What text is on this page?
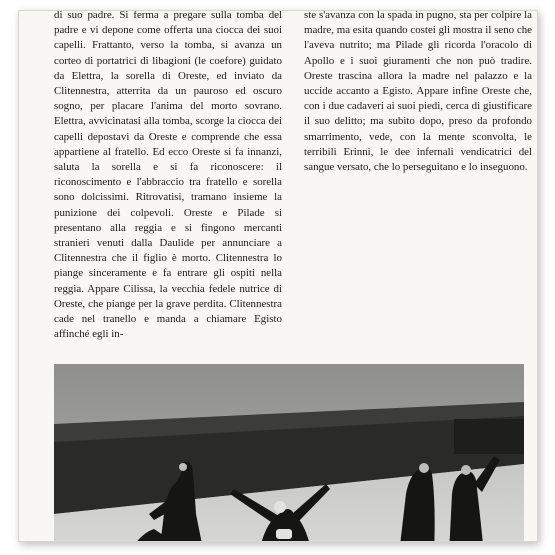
di suo padre. Si ferma a pregare sulla tomba del padre e vi depone come offerta una ciocca dei suoi capelli. Frattanto, verso la tomba, si avanza un corteo di portatrici di libagioni (le coefore) guidato da Elettra, la sorella di Oreste, ed inviato da Clitennestra, atterrita da un pauroso ed oscuro sogno, per placare l'anima del morto sovrano. Elettra, avvicinatasi alla tomba, scorge la ciocca dei capelli depostavi da Oreste e comprende che essa appartiene al fratello. Ed ecco Oreste si fa innanzi, saluta la sorella e si fa riconoscere: il riconoscimento e l'abbraccio tra fratello e sorella sono dolcissimi. Ritrovatisi, tramano insieme la punizione dei colpevoli. Oreste e Pilade si presentano alla reggia e si fingono mercanti stranieri venuti dalla Daulide per annunciare a Clitennestra che il figlio è morto. Clitennestra lo piange sinceramente e fa entrare gli ospiti nella reggia. Appare Cilissa, la vecchia fedele nutrice di Oreste, che piange per la grave perdita. Clitennestra cade nel tranello e manda a chiamare Egisto affinché egli in-

ste s'avanza con la spada in pugno, sta per colpire la madre, ma esita quando costei gli mostra il seno che l'aveva nutrito; ma Pilade gli ricorda l'oracolo di Apollo e i suoi giuramenti che non può tradire. Oreste trascina allora la madre nel palazzo e la uccide accanto a Egisto. Appare infine Oreste che, con i due cadaveri ai suoi piedi, cerca di giustificare il suo delitto; ma subito dopo, preso da profondo smarrimento, vede, con la mente sconvolta, le terribili Erinni, le dee infernali vendicatrici del sangue versato, che lo perseguitano e lo inseguono.
